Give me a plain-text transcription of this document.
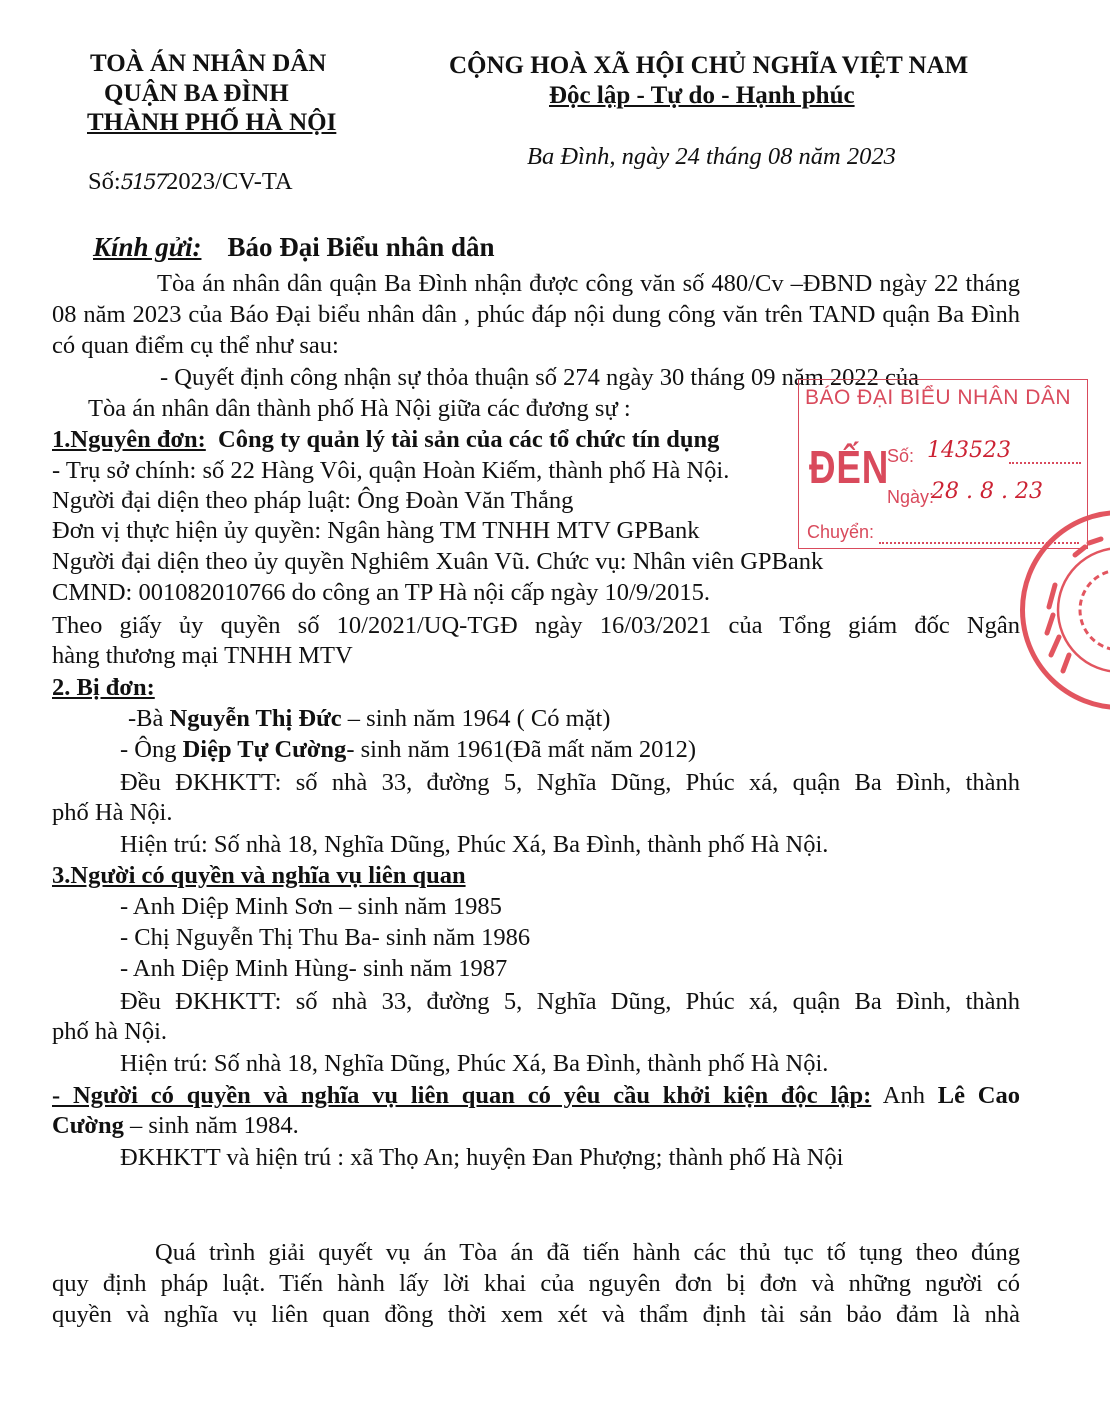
TOÀ ÁN NHÂN DÂN
QUẬN BA ĐÌNH
THÀNH PHỐ HÀ NỘI
CỘNG HOÀ XÃ HỘI CHỦ NGHĨA VIỆT NAM
Độc lập - Tự do - Hạnh phúc
Ba Đình, ngày 24 tháng 08 năm 2023
Số:51572023/CV-TA
Kính gửi: Báo Đại Biểu nhân dân
Tòa án nhân dân quận Ba Đình nhận được công văn số 480/Cv –ĐBND ngày 22 tháng 08 năm 2023 của Báo Đại biểu nhân dân , phúc đáp nội dung công văn trên TAND quận Ba Đình có quan điểm cụ thể như sau:
- Quyết định công nhận sự thỏa thuận số 274 ngày 30 tháng 09 năm 2022 của
Tòa án nhân dân thành phố Hà Nội giữa các đương sự :
1.Nguyên đơn: Công ty quản lý tài sản của các tổ chức tín dụng
- Trụ sở chính: số 22 Hàng Vôi, quận Hoàn Kiếm, thành phố Hà Nội.
Người đại diện theo pháp luật: Ông Đoàn Văn Thắng
Đơn vị thực hiện ủy quyền: Ngân hàng TM TNHH MTV GPBank
Người đại diện theo ủy quyền Nghiêm Xuân Vũ. Chức vụ: Nhân viên GPBank
CMND: 001082010766 do công an TP Hà nội cấp ngày 10/9/2015.
Theo giấy ủy quyền số 10/2021/UQ-TGĐ ngày 16/03/2021 của Tổng giám đốc Ngân
hàng thương mại TNHH MTV
2. Bị đơn:
-Bà Nguyễn Thị Đức – sinh năm 1964 ( Có mặt)
- Ông Diệp Tự Cường- sinh năm 1961(Đã mất năm 2012)
Đều ĐKHKTT: số nhà 33, đường 5, Nghĩa Dũng, Phúc xá, quận Ba Đình, thành
phố Hà Nội.
Hiện trú: Số nhà 18, Nghĩa Dũng, Phúc Xá, Ba Đình, thành phố Hà Nội.
3.Người có quyền và nghĩa vụ liên quan
- Anh Diệp Minh Sơn – sinh năm 1985
- Chị Nguyễn Thị Thu Ba- sinh năm 1986
- Anh Diệp Minh Hùng- sinh năm 1987
Đều ĐKHKTT: số nhà 33, đường 5, Nghĩa Dũng, Phúc xá, quận Ba Đình, thành
phố hà Nội.
Hiện trú: Số nhà 18, Nghĩa Dũng, Phúc Xá, Ba Đình, thành phố Hà Nội.
- Người có quyền và nghĩa vụ liên quan có yêu cầu khởi kiện độc lập: Anh Lê Cao
Cường – sinh năm 1984.
ĐKHKTT và hiện trú : xã Thọ An; huyện Đan Phượng; thành phố Hà Nội
Quá trình giải quyết vụ án Tòa án đã tiến hành các thủ tục tố tụng theo đúng
quy định pháp luật. Tiến hành lấy lời khai của nguyên đơn bị đơn và những người có
quyền và nghĩa vụ liên quan đồng thời xem xét và thẩm định tài sản bảo đảm là nhà
BÁO ĐẠI BIỂU NHÂN DÂN
ĐẾN
Số: 143523
Ngày:
28 . 8 . 23
Chuyển:
